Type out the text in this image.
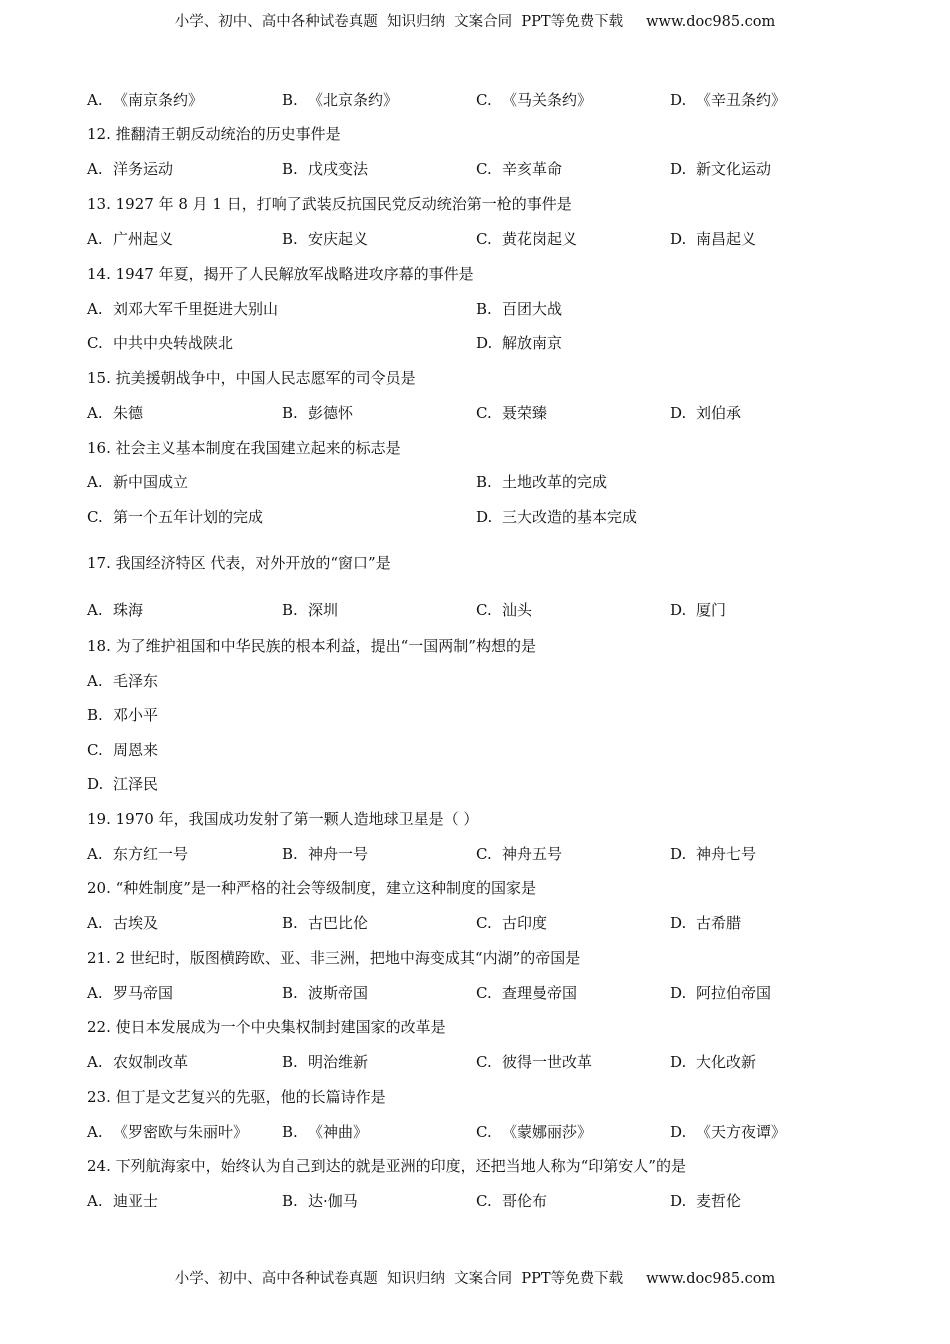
小学、初中、高中各种试卷真题  知识归纳  文案合同  PPT等免费下载     www.doc985.com
A. 《南京条约》	B. 《北京条约》	C. 《马关条约》	D. 《辛丑条约》
12. 推翻清王朝反动统治的历史事件是
A. 洋务运动	B. 戊戌变法	C. 辛亥革命	D. 新文化运动
13. 1927 年 8 月 1 日，打响了武装反抗国民党反动统治第一枪的事件是
A. 广州起义	B. 安庆起义	C. 黄花岗起义	D. 南昌起义
14. 1947 年夏，揭开了人民解放军战略进攻序幕的事件是
A. 刘邓大军千里挺进大别山	B. 百团大战
C. 中共中央转战陕北	D. 解放南京
15. 抗美援朝战争中，中国人民志愿军的司令员是
A. 朱德	B. 彭德怀	C. 聂荣臻	D. 刘伯承
16. 社会主义基本制度在我国建立起来的标志是
A. 新中国成立	B. 土地改革的完成
C. 第一个五年计划的完成	D. 三大改造的基本完成
17. 我国经济特区 代表，对外开放的“窗口”是
A. 珠海	B. 深圳	C. 汕头	D. 厦门
18. 为了维护祖国和中华民族的根本利益，提出“一国两制”构想的是
A. 毛泽东
B. 邓小平
C. 周恩来
D. 江泽民
19. 1970 年，我国成功发射了第一颗人造地球卫星是（ ）
A. 东方红一号	B. 神舟一号	C. 神舟五号	D. 神舟七号
20. “种姓制度”是一种严格的社会等级制度，建立这种制度的国家是
A. 古埃及	B. 古巴比伦	C. 古印度	D. 古希腊
21. 2 世纪时，版图横跨欧、亚、非三洲，把地中海变成其“内湖”的帝国是
A. 罗马帝国	B. 波斯帝国	C. 查理曼帝国	D. 阿拉伯帝国
22. 使日本发展成为一个中央集权制封建国家的改革是
A. 农奴制改革	B. 明治维新	C. 彼得一世改革	D. 大化改新
23. 但丁是文艺复兴的先驱，他的长篇诗作是
A. 《罗密欧与朱丽叶》 B. 《神曲》	C. 《蒙娜丽莎》	D. 《天方夜谭》
24. 下列航海家中，始终认为自己到达的就是亚洲的印度，还把当地人称为“印第安人”的是
A. 迪亚士	B. 达·伽马	C. 哥伦布	D. 麦哲伦
小学、初中、高中各种试卷真题  知识归纳  文案合同  PPT等免费下载     www.doc985.com
